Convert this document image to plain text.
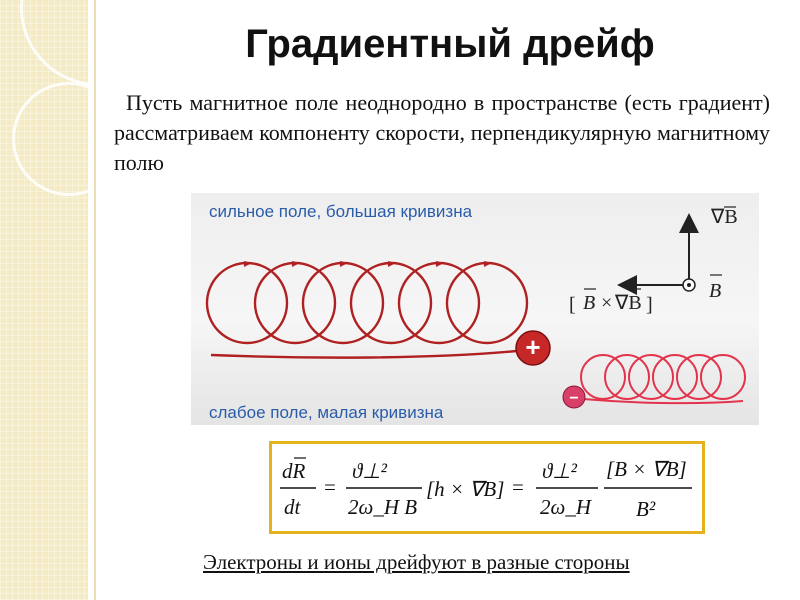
Градиентный дрейф
Пусть магнитное поле неоднородно в пространстве (есть градиент) рассматриваем компоненту скорости, перпендикулярную магнитному полю
сильное поле, большая кривизна
слабое поле, малая кривизна
+
−
∇B
B
[ B × ∇B ]
dR
dt
=
ϑ⊥²
2ω_H B
[h × ∇B] =
ϑ⊥²
2ω_H
[B × ∇B]
B²
Электроны и ионы дрейфуют в разные стороны
